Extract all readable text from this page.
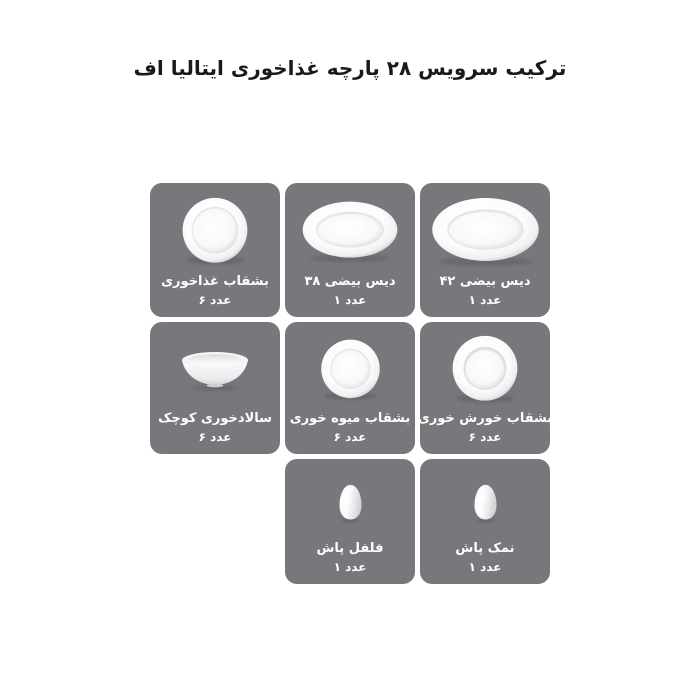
ترکیب سرویس ۲۸ پارچه غذاخوری ایتالیا اف
بشقاب غذاخوری
۶ عدد
دیس بیضی ۳۸
۱ عدد
دیس بیضی ۴۲
۱ عدد
سالادخوری کوچک
۶ عدد
بشقاب میوه خوری
۶ عدد
بشقاب خورش خوری
۶ عدد
فلفل پاش
۱ عدد
نمک پاش
۱ عدد
